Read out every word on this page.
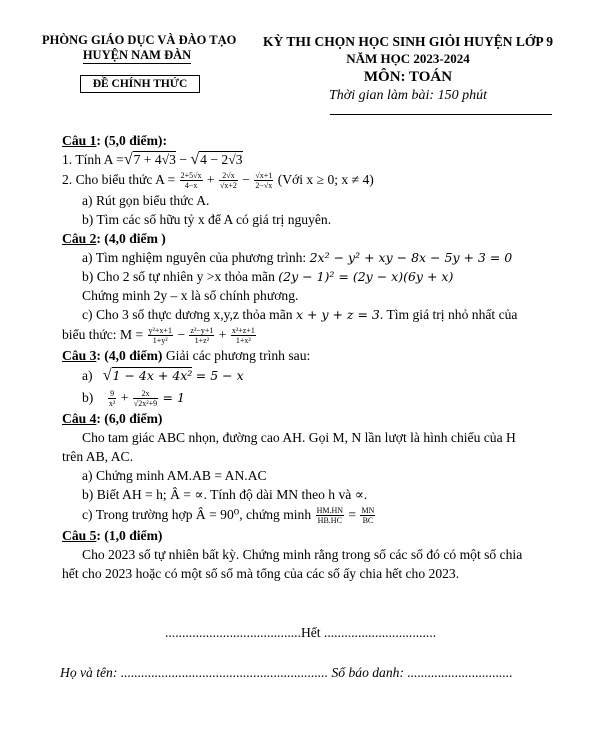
PHÒNG GIÁO DỤC VÀ ĐÀO TẠO
HUYỆN NAM ĐÀN
ĐỀ CHÍNH THỨC
KỲ THI CHỌN HỌC SINH GIỎI HUYỆN LỚP 9
NĂM HỌC 2023-2024
MÔN: TOÁN
Thời gian làm bài: 150 phút
Câu 1: (5,0 điểm):
1. Tính A =√7 + 4√3 − √4 − 2√3
2. Cho biểu thức $A = \frac{2+5√x}{4-x} + \frac{2√x}{√x+2} - \frac{√x+1}{2-√x}$ (Với x ≥ 0; x ≠ 4)
a) Rút gọn biểu thức A.
b) Tìm các số hữu tỷ x để A có giá trị nguyên.
Câu 2: (4,0 điểm )
a) Tìm nghiệm nguyên của phương trình: 2x² − y² + xy − 8x − 5y + 3 = 0
b) Cho 2 số tự nhiên y >x thỏa mãn (2y − 1)² = (2y − x)(6y + x)
Chứng minh 2y – x là số chính phương.
c) Cho 3 số thực dương x,y,z thỏa mãn x + y + z = 3. Tìm giá trị nhỏ nhất của
biểu thức: $M = \frac{\text{y²+x+1}}{\text{1+y²}} - \frac{\text{z²−y+1}}{\text{1+z²}} + \frac{\text{x²+z+1}}{\text{1+x²}}$
Câu 3: (4,0 điểm) Giải các phương trình sau:
a) √1 − 4x + 4x² = 5 − x
$b) \frac{9}{\text{x²}} + \frac{2x}{\text{√2x²+9}} = 1$
Câu 4: (6,0 điểm)
Cho tam giác ABC nhọn, đường cao AH. Gọi M, N lần lượt là hình chiếu của H
trên AB, AC.
a) Chứng minh AM.AB = AN.AC
b) Biết AH = h; Â = ∝. Tính độ dài MN theo h và ∝.
c) Trong trường hợp Â = 90⁰, chứng minh $\frac{HM.HN}{HB.HC} = \frac{MN}{BC}$
Câu 5: (1,0 điểm)
Cho 2023 số tự nhiên bất kỳ. Chứng minh rằng trong số các số đó có một số chia
hết cho 2023 hoặc có một số số mà tổng của các số ấy chia hết cho 2023.
........................................Hết .................................
Họ và tên: ............................................................. Số báo danh: ...............................
